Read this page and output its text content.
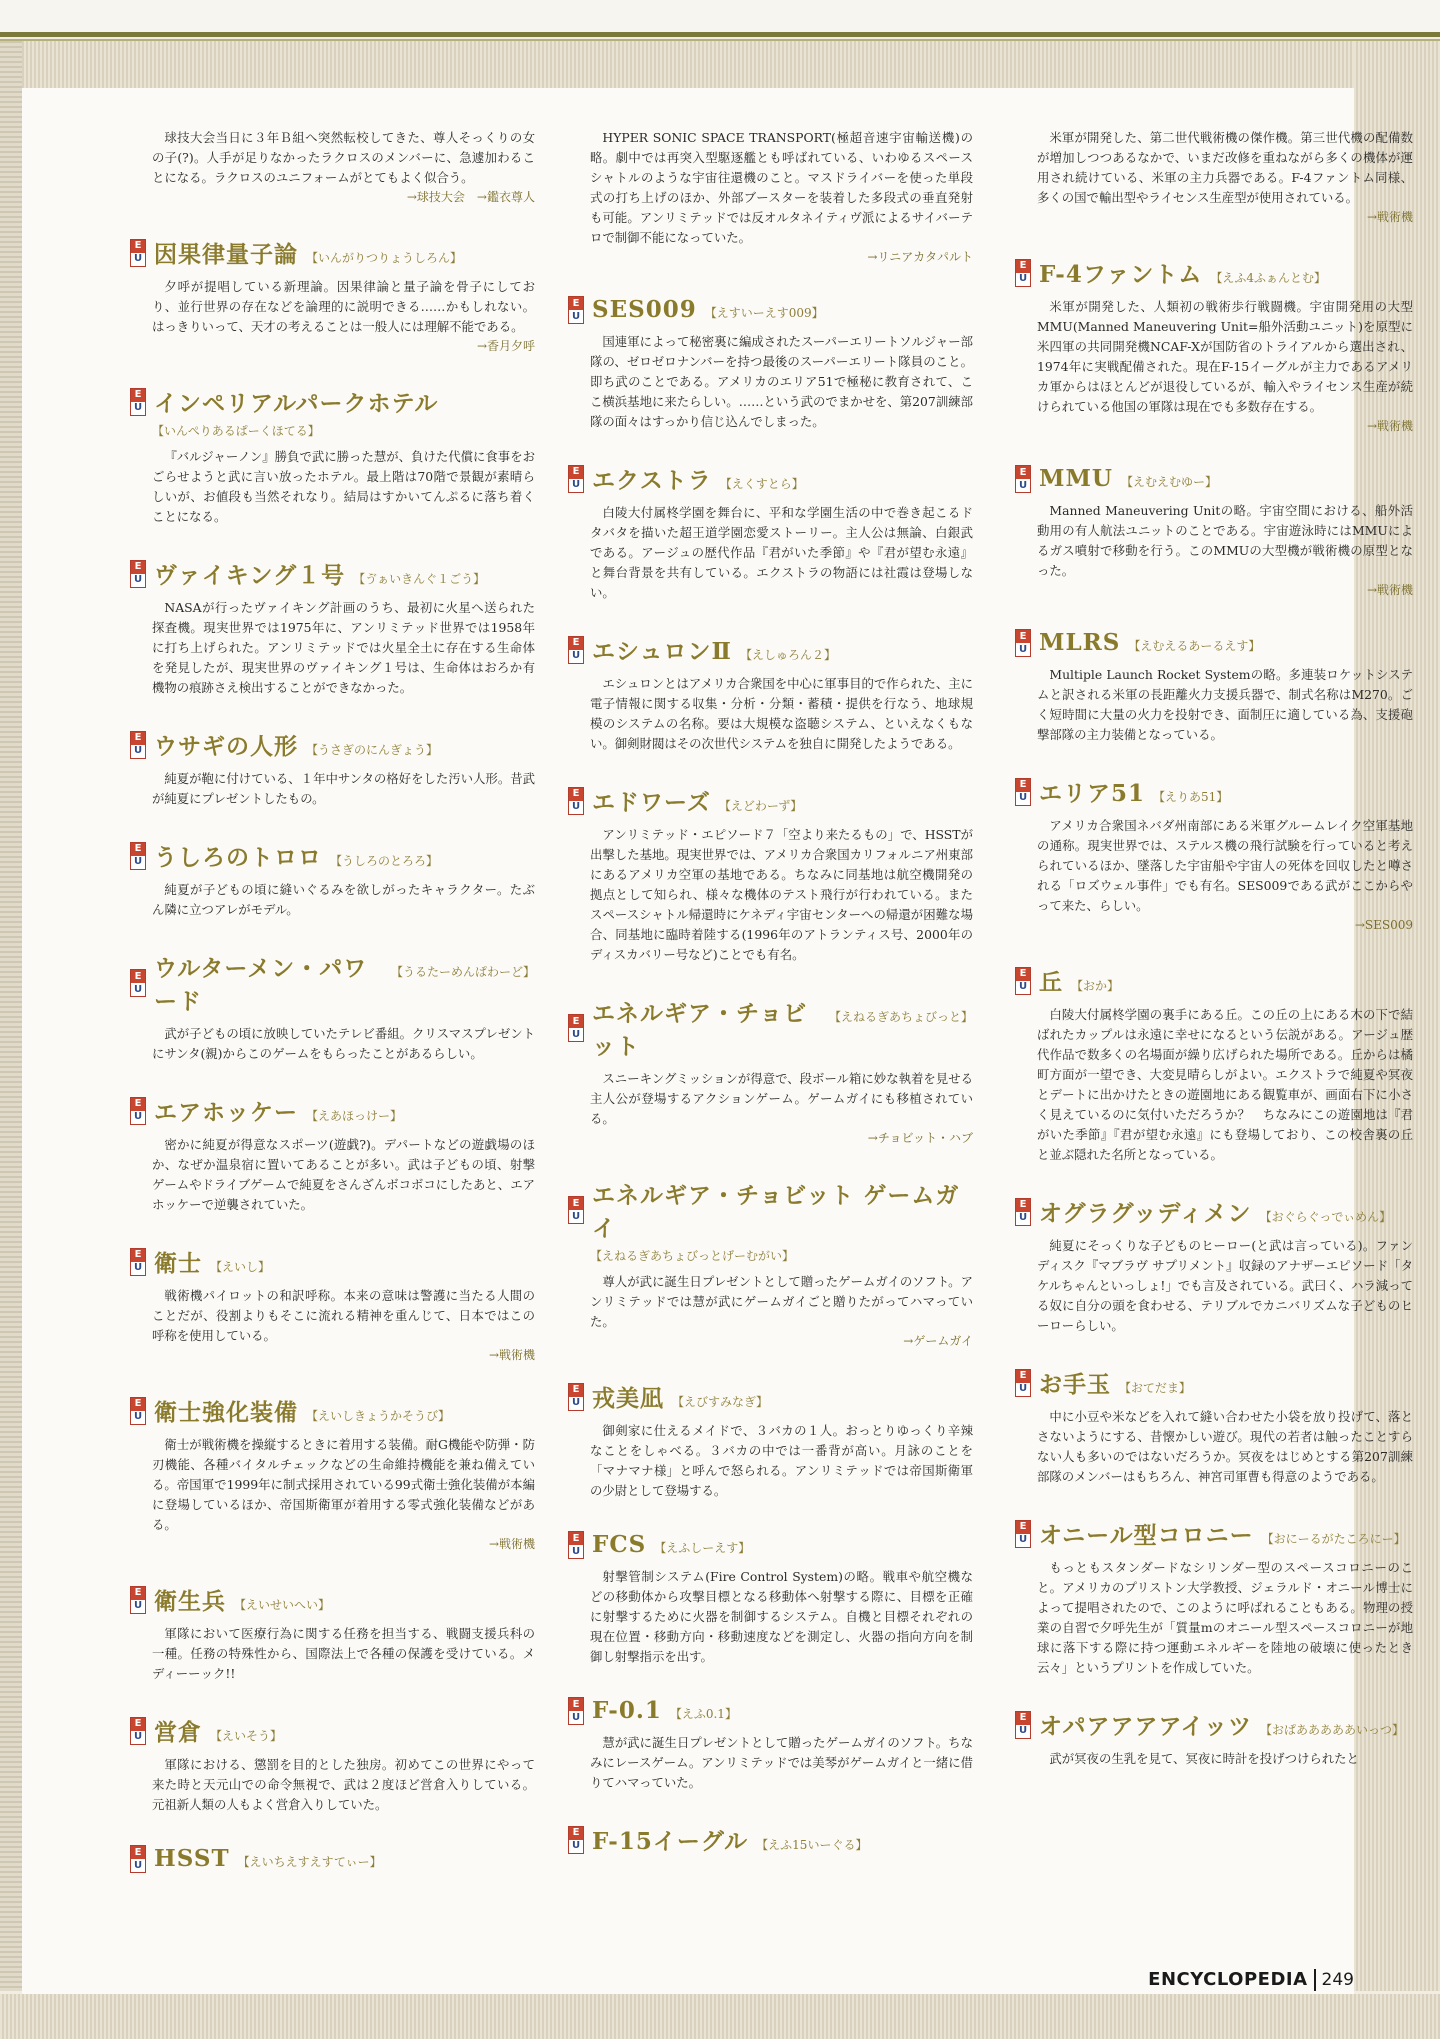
球技大会当日に３年Ｂ組へ突然転校してきた、尊人そっくりの女の子(?)。人手が足りなかったラクロスのメンバーに、急遽加わることになる。ラクロスのユニフォームがとてもよく似合う。

→球技大会　→鑑衣尊人

E
U 因果律量子論 【いんがりつりょうしろん】

夕呼が提唱している新理論。因果律論と量子論を骨子にしており、並行世界の存在などを論理的に説明できる……かもしれない。はっきりいって、天才の考えることは一般人には理解不能である。

→香月夕呼

E
U インペリアルパークホテル
【いんぺりあるぱーくほてる】

『バルジャーノン』勝負で武に勝った慧が、負けた代償に食事をおごらせようと武に言い放ったホテル。最上階は70階で景観が素晴らしいが、お値段も当然それなり。結局はすかいてんぷるに落ち着くことになる。

E
U ヴァイキング１号 【ゔぁいきんぐ１ごう】

NASAが行ったヴァイキング計画のうち、最初に火星へ送られた探査機。現実世界では1975年に、アンリミテッド世界では1958年に打ち上げられた。アンリミテッドでは火星全土に存在する生命体を発見したが、現実世界のヴァイキング１号は、生命体はおろか有機物の痕跡さえ検出することができなかった。

E
U ウサギの人形 【うさぎのにんぎょう】

純夏が鞄に付けている、１年中サンタの格好をした汚い人形。昔武が純夏にプレゼントしたもの。

E
U うしろのトロロ 【うしろのとろろ】

純夏が子どもの頃に縫いぐるみを欲しがったキャラクター。たぶん隣に立つアレがモデル。

E
U
ウルターメン・パワード
【うるたーめんぱわーど】

武が子どもの頃に放映していたテレビ番組。クリスマスプレゼントにサンタ(親)からこのゲームをもらったことがあるらしい。

E
U エアホッケー 【えあほっけー】

密かに純夏が得意なスポーツ(遊戯?)。デパートなどの遊戯場のほか、なぜか温泉宿に置いてあることが多い。武は子どもの頃、射撃ゲームやドライブゲームで純夏をさんざんボコボコにしたあと、エアホッケーで逆襲されていた。

E
U 衛士 【えいし】

戦術機パイロットの和訳呼称。本来の意味は警護に当たる人間のことだが、役割よりもそこに流れる精神を重んじて、日本ではこの呼称を使用している。

→戦術機

E
U 衛士強化装備 【えいしきょうかそうび】

衛士が戦術機を操縦するときに着用する装備。耐G機能や防弾・防刃機能、各種バイタルチェックなどの生命維持機能を兼ね備えている。帝国軍で1999年に制式採用されている99式衛士強化装備が本編に登場しているほか、帝国斯衛軍が着用する零式強化装備などがある。

→戦術機

E
U 衛生兵 【えいせいへい】

軍隊において医療行為に関する任務を担当する、戦闘支援兵科の一種。任務の特殊性から、国際法上で各種の保護を受けている。メディーーック!!

E
U 営倉 【えいそう】

軍隊における、懲罰を目的とした独房。初めてこの世界にやって来た時と天元山での命令無視で、武は２度ほど営倉入りしている。元祖新人類の人もよく営倉入りしていた。

E
U HSST 【えいちえすえすてぃー】

HYPER SONIC SPACE TRANSPORT(極超音速宇宙輸送機)の略。劇中では再突入型駆逐艦とも呼ばれている、いわゆるスペースシャトルのような宇宙往還機のこと。マスドライバーを使った単段式の打ち上げのほか、外部ブースターを装着した多段式の垂直発射も可能。アンリミテッドでは反オルタネイティヴ派によるサイバーテロで制御不能になっていた。

→リニアカタパルト

E
U SES009 【えすいーえす009】

国連軍によって秘密裏に編成されたスーパーエリートソルジャー部隊の、ゼロゼロナンバーを持つ最後のスーパーエリート隊員のこと。即ち武のことである。アメリカのエリア51で極秘に教育されて、ここ横浜基地に来たらしい。……という武のでまかせを、第207訓練部隊の面々はすっかり信じ込んでしまった。

E
U エクストラ 【えくすとら】

白陵大付属柊学園を舞台に、平和な学園生活の中で巻き起こるドタバタを描いた超王道学園恋愛ストーリー。主人公は無論、白銀武である。アージュの歴代作品『君がいた季節』や『君が望む永遠』と舞台背景を共有している。エクストラの物語には社霞は登場しない。

E
U エシュロンⅡ 【えしゅろん２】

エシュロンとはアメリカ合衆国を中心に軍事目的で作られた、主に電子情報に関する収集・分析・分類・蓄積・提供を行なう、地球規模のシステムの名称。要は大規模な盗聴システム、といえなくもない。御剣財閥はその次世代システムを独自に開発したようである。

E
U エドワーズ 【えどわーず】

アンリミテッド・エピソード７「空より来たるもの」で、HSSTが出撃した基地。現実世界では、アメリカ合衆国カリフォルニア州東部にあるアメリカ空軍の基地である。ちなみに同基地は航空機開発の拠点として知られ、様々な機体のテスト飛行が行われている。またスペースシャトル帰還時にケネディ宇宙センターへの帰還が困難な場合、同基地に臨時着陸する(1996年のアトランティス号、2000年のディスカバリー号など)ことでも有名。

E
U
エネルギア・チョビット
【えねるぎあちょびっと】

スニーキングミッションが得意で、段ボール箱に妙な執着を見せる主人公が登場するアクションゲーム。ゲームガイにも移植されている。

→チョビット・ハブ

E
U
エネルギア・チョビット ゲームガイ
【えねるぎあちょびっとげーむがい】

尊人が武に誕生日プレゼントとして贈ったゲームガイのソフト。アンリミテッドでは慧が武にゲームガイごと贈りたがってハマっていた。

→ゲームガイ

E
U 戎美凪 【えびすみなぎ】

御剣家に仕えるメイドで、３バカの１人。おっとりゆっくり辛辣なことをしゃべる。３バカの中では一番背が高い。月詠のことを「マナマナ様」と呼んで怒られる。アンリミテッドでは帝国斯衛軍の少尉として登場する。

E
U FCS 【えふしーえす】

射撃管制システム(Fire Control System)の略。戦車や航空機などの移動体から攻撃目標となる移動体へ射撃する際に、目標を正確に射撃するために火器を制御するシステム。自機と目標それぞれの現在位置・移動方向・移動速度などを測定し、火器の指向方向を制御し射撃指示を出す。

E
U F-0.1 【えふ0.1】

慧が武に誕生日プレゼントとして贈ったゲームガイのソフト。ちなみにレースゲーム。アンリミテッドでは美琴がゲームガイと一緒に借りてハマっていた。

E
U F-15イーグル 【えふ15いーぐる】

米軍が開発した、第二世代戦術機の傑作機。第三世代機の配備数が増加しつつあるなかで、いまだ改修を重ねながら多くの機体が運用され続けている、米軍の主力兵器である。F-4ファントム同様、多くの国で輸出型やライセンス生産型が使用されている。

→戦術機

E
U F-4ファントム 【えふ4ふぁんとむ】

米軍が開発した、人類初の戦術歩行戦闘機。宇宙開発用の大型MMU(Manned Maneuvering Unit=船外活動ユニット)を原型に米四軍の共同開発機NCAF-Xが国防省のトライアルから選出され、1974年に実戦配備された。現在F-15イーグルが主力であるアメリカ軍からはほとんどが退役しているが、輸入やライセンス生産が続けられている他国の軍隊は現在でも多数存在する。

→戦術機

E
U MMU 【えむえむゆー】

Manned Maneuvering Unitの略。宇宙空間における、船外活動用の有人航法ユニットのことである。宇宙遊泳時にはMMUによるガス噴射で移動を行う。このMMUの大型機が戦術機の原型となった。

→戦術機

E
U MLRS 【えむえるあーるえす】

Multiple Launch Rocket Systemの略。多連装ロケットシステムと訳される米軍の長距離火力支援兵器で、制式名称はM270。ごく短時間に大量の火力を投射でき、面制圧に適している為、支援砲撃部隊の主力装備となっている。

E
U エリア51 【えりあ51】

アメリカ合衆国ネバダ州南部にある米軍グルームレイク空軍基地の通称。現実世界では、ステルス機の飛行試験を行っていると考えられているほか、墜落した宇宙船や宇宙人の死体を回収したと噂される「ロズウェル事件」でも有名。SES009である武がここからやって来た、らしい。

→SES009

E
U 丘 【おか】

白陵大付属柊学園の裏手にある丘。この丘の上にある木の下で結ばれたカップルは永遠に幸せになるという伝説がある。アージュ歴代作品で数多くの名場面が繰り広げられた場所である。丘からは橘町方面が一望でき、大変見晴らしがよい。エクストラで純夏や冥夜とデートに出かけたときの遊園地にある観覧車が、画面右下に小さく見えているのに気付いただろうか？　ちなみにこの遊園地は『君がいた季節』『君が望む永遠』にも登場しており、この校舎裏の丘と並ぶ隠れた名所となっている。

E
U オグラグッディメン 【おぐらぐっでぃめん】

純夏にそっくりな子どものヒーロー(と武は言っている)。ファンディスク『マブラヴ サプリメント』収録のアナザーエピソード「タケルちゃんといっしょ!」でも言及されている。武曰く、ハラ減ってる奴に自分の頭を食わせる、テリブルでカニバリズムな子どものヒーローらしい。

E
U お手玉 【おてだま】

中に小豆や米などを入れて縫い合わせた小袋を放り投げて、落とさないようにする、昔懐かしい遊び。現代の若者は触ったことすらない人も多いのではないだろうか。冥夜をはじめとする第207訓練部隊のメンバーはもちろん、神宮司軍曹も得意のようである。

E
U オニール型コロニー 【おにーるがたころにー】

もっともスタンダードなシリンダー型のスペースコロニーのこと。アメリカのプリストン大学教授、ジェラルド・オニール博士によって提唱されたので、このように呼ばれることもある。物理の授業の自習で夕呼先生が「質量mのオニール型スペースコロニーが地球に落下する際に持つ運動エネルギーを陸地の破壊に使ったとき云々」というプリントを作成していた。

E
U オパアアアアイッツ 【おぱあああああいっつ】

武が冥夜の生乳を見て、冥夜に時計を投げつけられたと

ENCYCLOPEDIA 249
